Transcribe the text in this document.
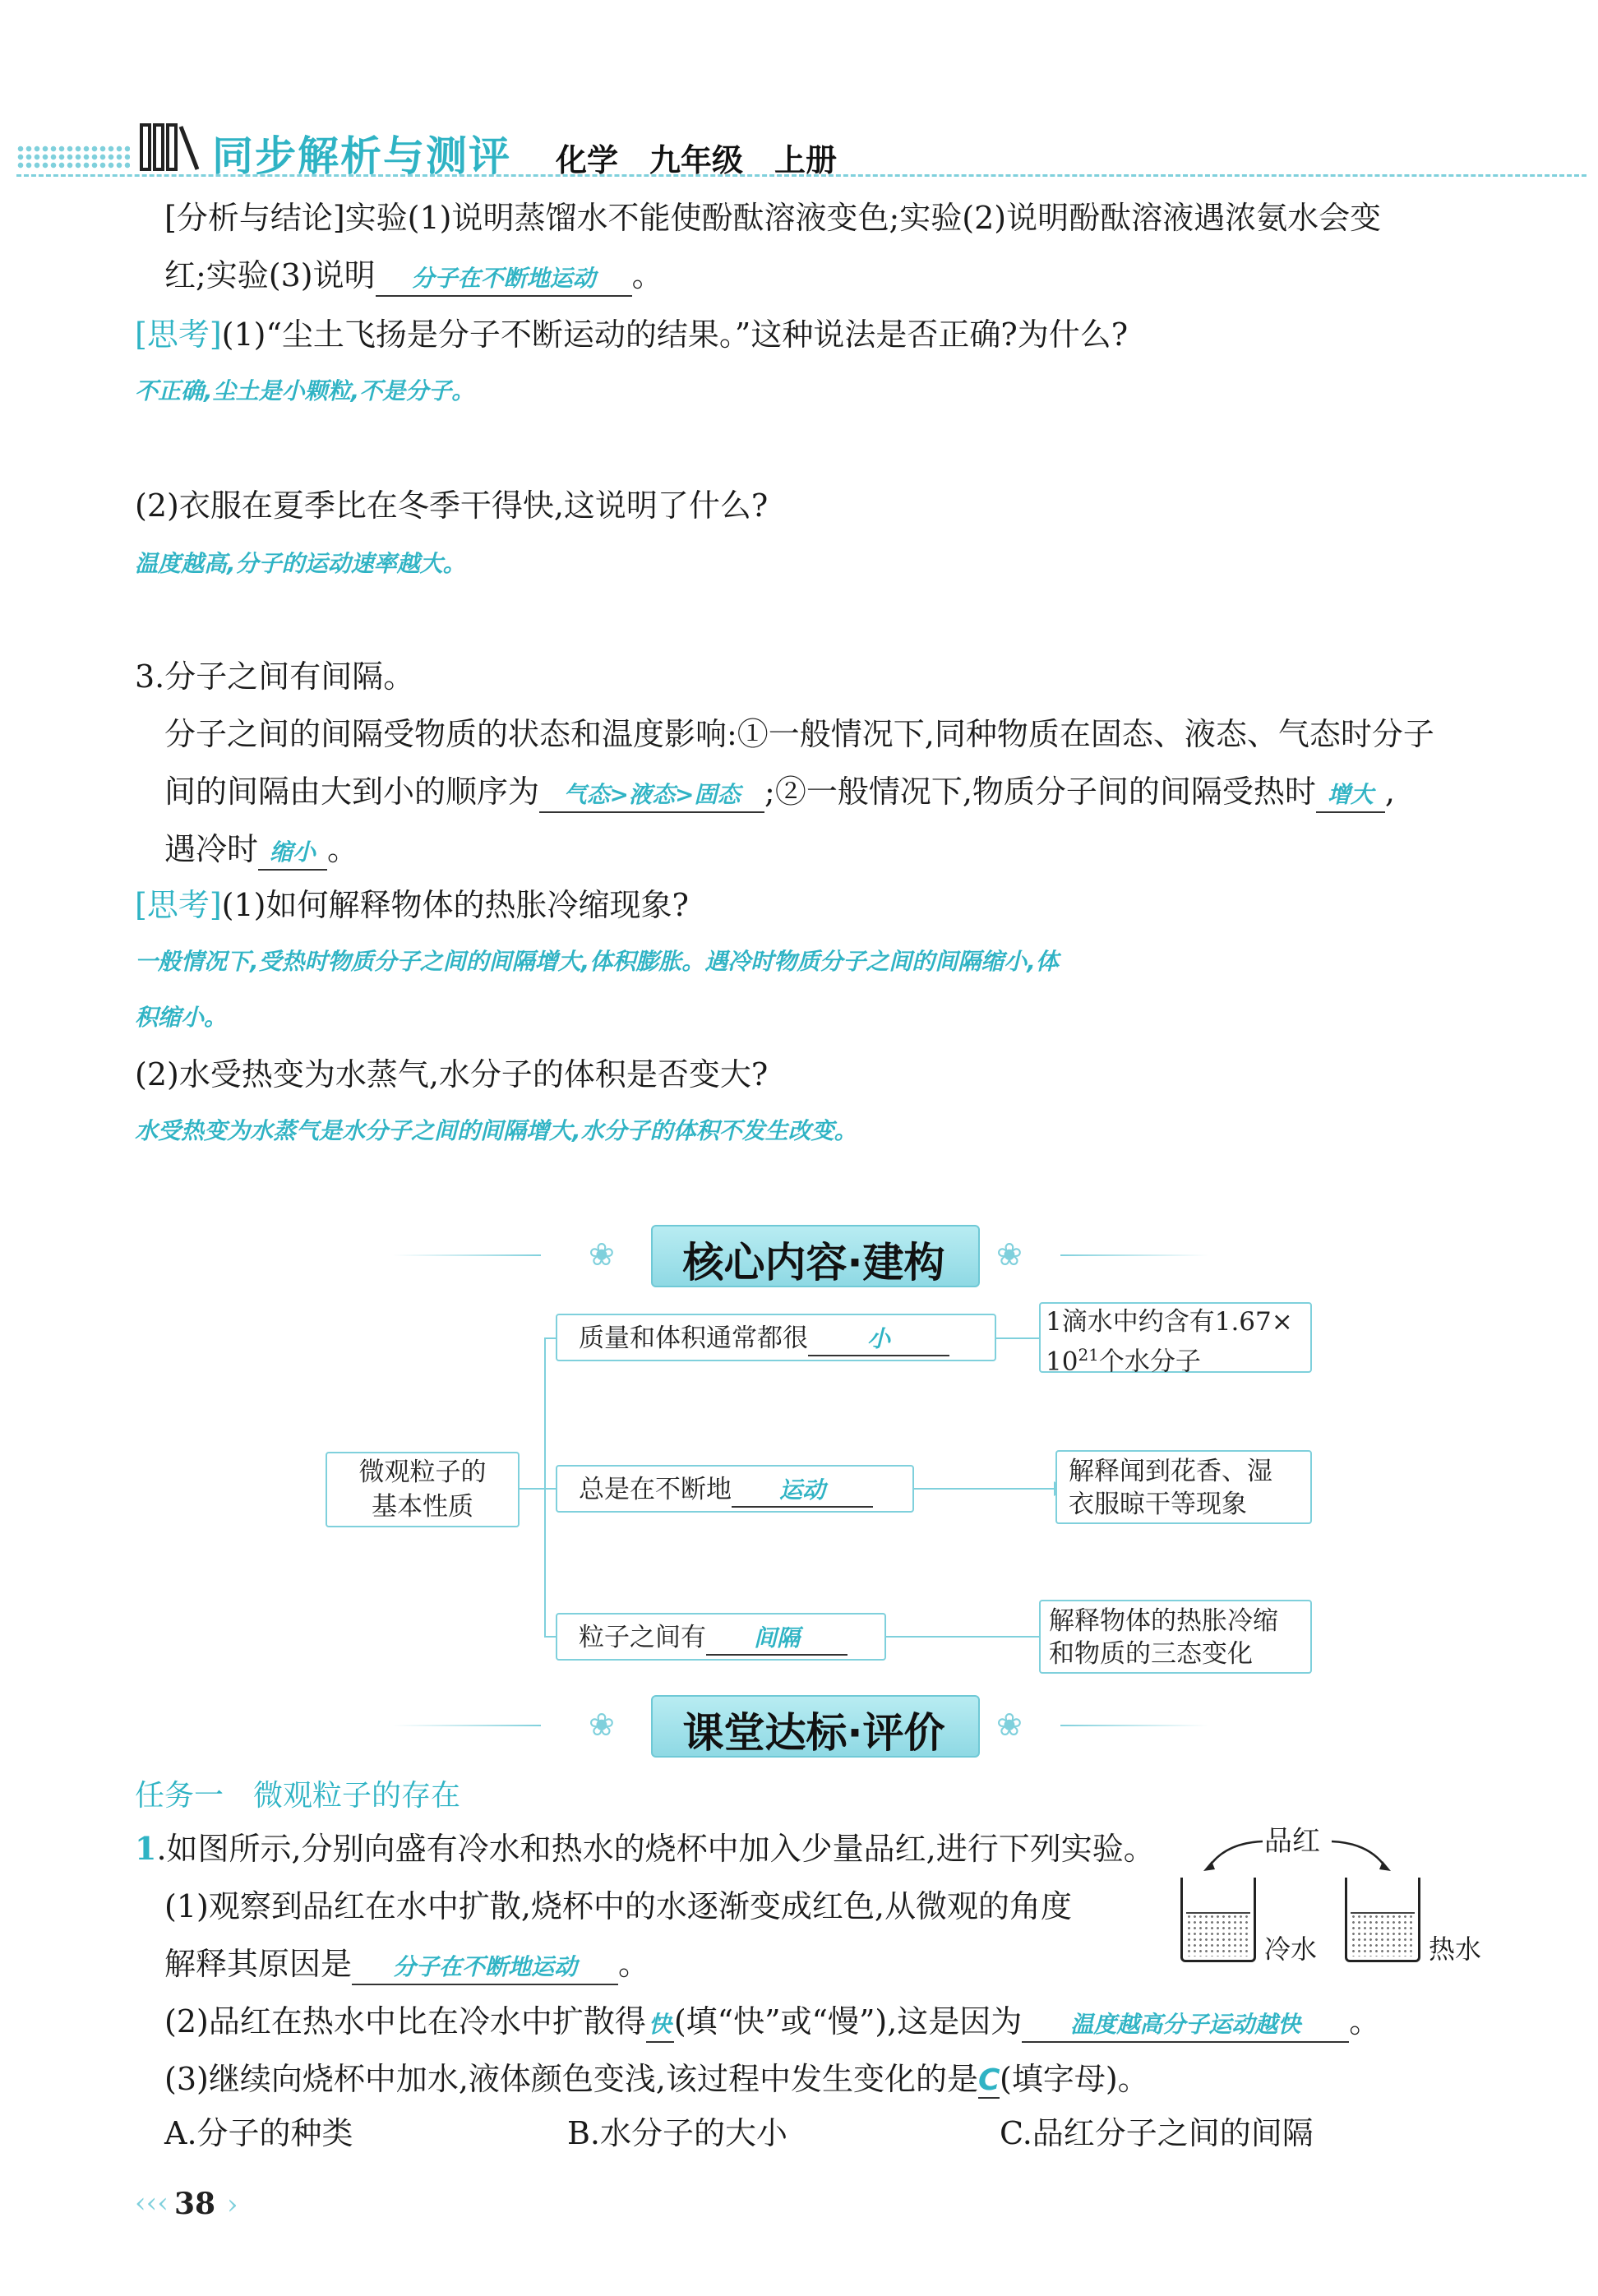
同步解析与测评 化学　九年级　上册
[分析与结论]实验(1)说明蒸馏水不能使酚酞溶液变色;实验(2)说明酚酞溶液遇浓氨水会变
红;实验(3)说明 分子在不断地运动 。
[思考](1)“尘土飞扬是分子不断运动的结果。”这种说法是否正确?为什么?
不正确,尘土是小颗粒,不是分子。
(2)衣服在夏季比在冬季干得快,这说明了什么?
温度越高,分子的运动速率越大。
3.分子之间有间隔。
分子之间的间隔受物质的状态和温度影响:①一般情况下,同种物质在固态、液态、气态时分子
间的间隔由大到小的顺序为 气态>液态>固态 ;②一般情况下,物质分子间的间隔受热时 增大 ,
遇冷时 缩小 。
[思考](1)如何解释物体的热胀冷缩现象?
一般情况下,受热时物质分子之间的间隔增大,体积膨胀。遇冷时物质分子之间的间隔缩小,体
积缩小。
(2)水受热变为水蒸气,水分子的体积是否变大?
水受热变为水蒸气是水分子之间的间隔增大,水分子的体积不发生改变。
核心内容·建构
❀	❀
微观粒子的
基本性质
质量和体积通常都很	小
总是在不断地 运动
粒子之间有 间隔
1滴水中约含有1.67×
$10^{21}$个水分子
解释闻到花香、湿
衣服晾干等现象
解释物体的热胀冷缩
和物质的三态变化
课堂达标·评价
❀	❀
任务一　微观粒子的存在
1.如图所示,分别向盛有冷水和热水的烧杯中加入少量品红,进行下列实验。
(1)观察到品红在水中扩散,烧杯中的水逐渐变成红色,从微观的角度
解释其原因是 分子在不断地运动 。
(2)品红在热水中比在冷水中扩散得 快(填“快”或“慢”),这是因为 温度越高分子运动越快 。
(3)继续向烧杯中加水,液体颜色变浅,该过程中发生变化的是C(填字母)。
A.分子的种类	B.水分子的大小	C.品红分子之间的间隔
品红
冷水	热水
‹‹‹ 38 ›
